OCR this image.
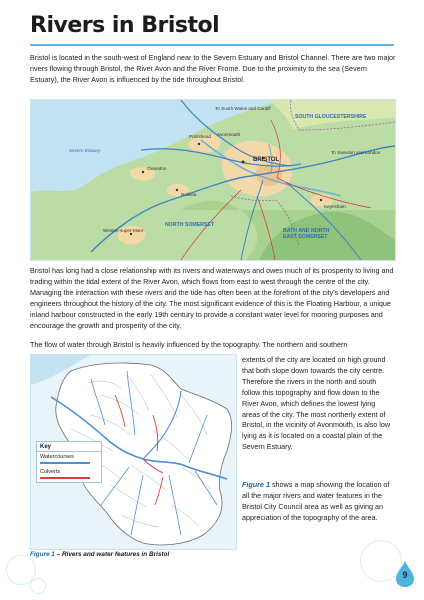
Rivers in Bristol

Bristol is located in the south-west of England near to the Severn Estuary and Bristol Channel. There are two major rivers flowing through Bristol, the River Avon and the River Frome. Due to the proximity to the sea (Severn Estuary), the River Avon is influenced by the tide throughout Bristol.

To South Wales and Cardiff
SOUTH GLOUCESTERSHIRE
BRISTOL
To Swindon and London
NORTH SOMERSET
BATH AND NORTH EAST SOMERSET
Severn Estuary
Portishead
Clevedon
Nailsea
Avonmouth
Keynsham
Weston-super-Mare

Bristol has long had a close relationship with its rivers and waterways and owes much of its prosperity to living and trading within the tidal extent of the River Avon, which flows from east to west through the centre of the city. Managing the interaction with these rivers and the tide has often been at the forefront of the city's developers and engineers throughout the history of the city. The most significant evidence of this is the Floating Harbour, a unique inland harbour constructed in the early 19th century to provide a constant water level for mooring purposes and encourage the growth and prosperity of the city.

The flow of water through Bristol is heavily influenced by the topography. The northern and southern

Key
Watercourses
Culverts

extents of the city are located on high ground that both slope down towards the city centre. Therefore the rivers in the north and south follow this topography and flow down to the River Avon, which defines the lowest lying areas of the city. The most northerly extent of Bristol, in the vicinity of Avonmouth, is also low lying as it is located on a coastal plain of the Severn Estuary.

Figure 1 shows a map showing the location of all the major rivers and water features in the Bristol City Council area as well as giving an appreciation of the topography of the area.

Figure 1 – Rivers and water features in Bristol
9
